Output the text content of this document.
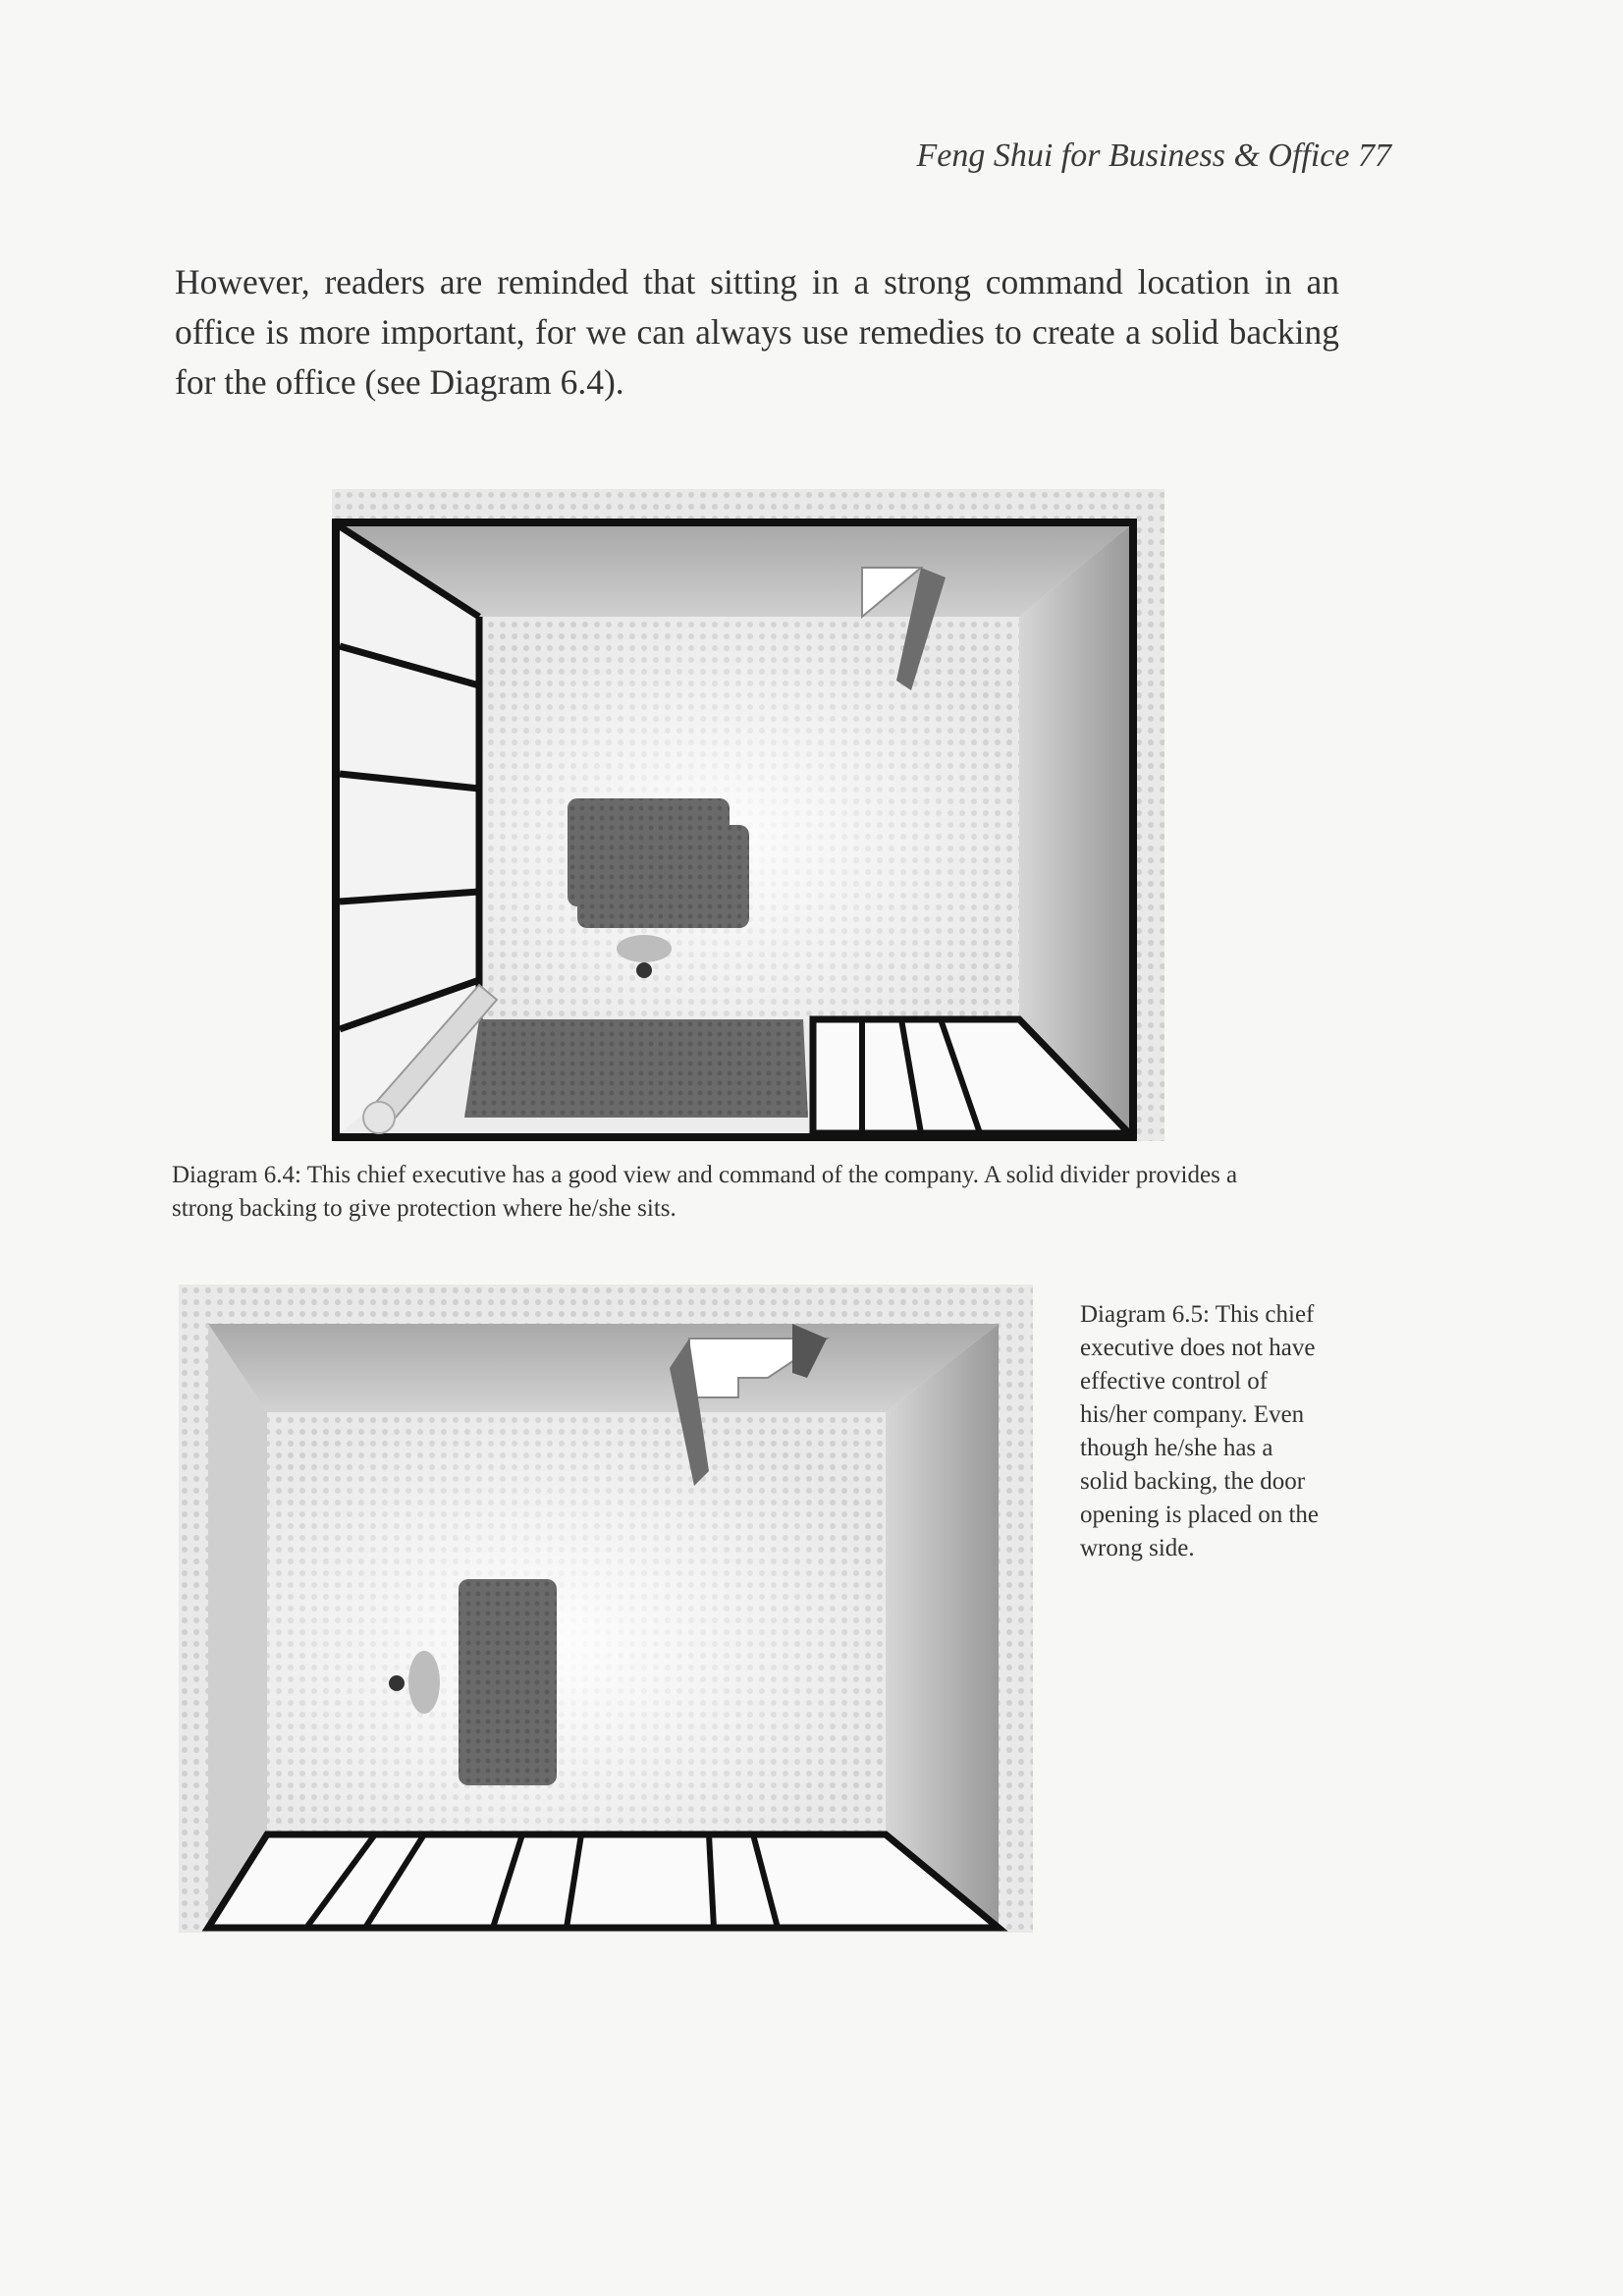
Feng Shui for Business & Office 77
However, readers are reminded that sitting in a strong command location in an office is more important, for we can always use remedies to create a solid backing for the office (see Diagram 6.4).
Diagram 6.4: This chief executive has a good view and command of the company. A solid divider provides a strong backing to give protection where he/she sits.
Diagram 6.5: This chief executive does not have effective control of his/her company. Even though he/she has a solid backing, the door opening is placed on the wrong side.
